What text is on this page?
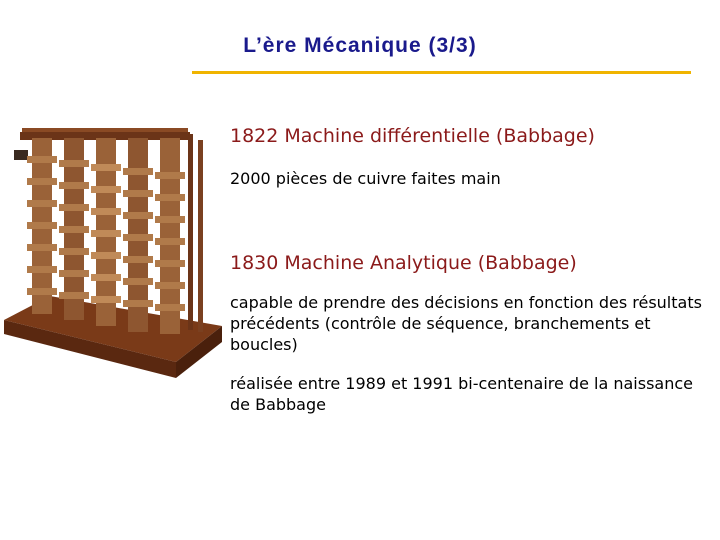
L’ère Mécanique (3/3)
1822 Machine différentielle (Babbage)
2000 pièces de cuivre faites main
1830 Machine Analytique (Babbage)
capable de prendre des décisions en fonction des résultats précédents (contrôle de séquence, branchements et boucles)
réalisée entre 1989 et 1991 bi-centenaire de la naissance de Babbage
